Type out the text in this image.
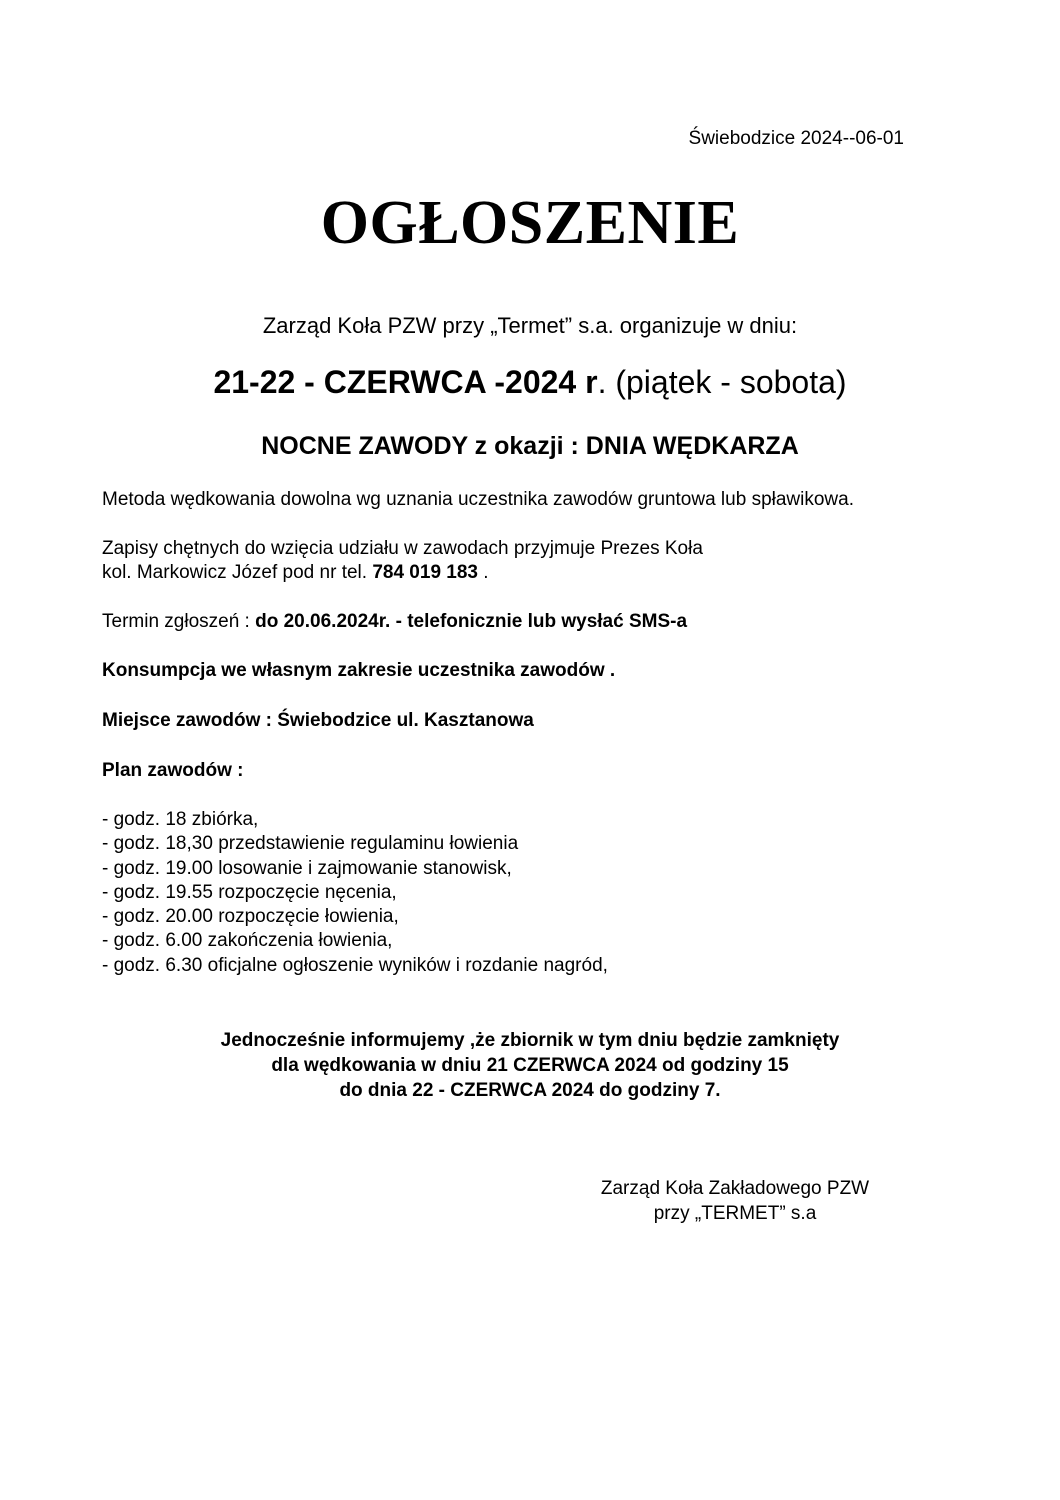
Świebodzice 2024--06-01

OGŁOSZENIE

Zarząd Koła PZW przy „Termet” s.a. organizuje w dniu:

21-22 - CZERWCA -2024 r. (piątek - sobota)

NOCNE ZAWODY z okazji : DNIA WĘDKARZA

Metoda wędkowania dowolna wg uznania uczestnika zawodów gruntowa lub spławikowa.

Zapisy chętnych do wzięcia udziału w zawodach przyjmuje Prezes Koła
kol. Markowicz Józef pod nr tel. 784 019 183 .

Termin zgłoszeń : do 20.06.2024r. - telefonicznie lub wysłać SMS-a

Konsumpcja we własnym zakresie uczestnika zawodów .

Miejsce zawodów : Świebodzice ul. Kasztanowa

Plan zawodów :

- godz. 18 zbiórka,
- godz. 18,30 przedstawienie regulaminu łowienia
- godz. 19.00 losowanie i zajmowanie stanowisk,
- godz. 19.55 rozpoczęcie nęcenia,
- godz. 20.00 rozpoczęcie łowienia,
- godz. 6.00 zakończenia łowienia,
- godz. 6.30 oficjalne ogłoszenie wyników i rozdanie nagród,
Jednocześnie informujemy ,że zbiornik w tym dniu będzie zamknięty
dla wędkowania w dniu 21 CZERWCA 2024 od godziny 15
do dnia 22 - CZERWCA 2024 do godziny 7.
Zarząd Koła Zakładowego PZW
przy „TERMET” s.a
